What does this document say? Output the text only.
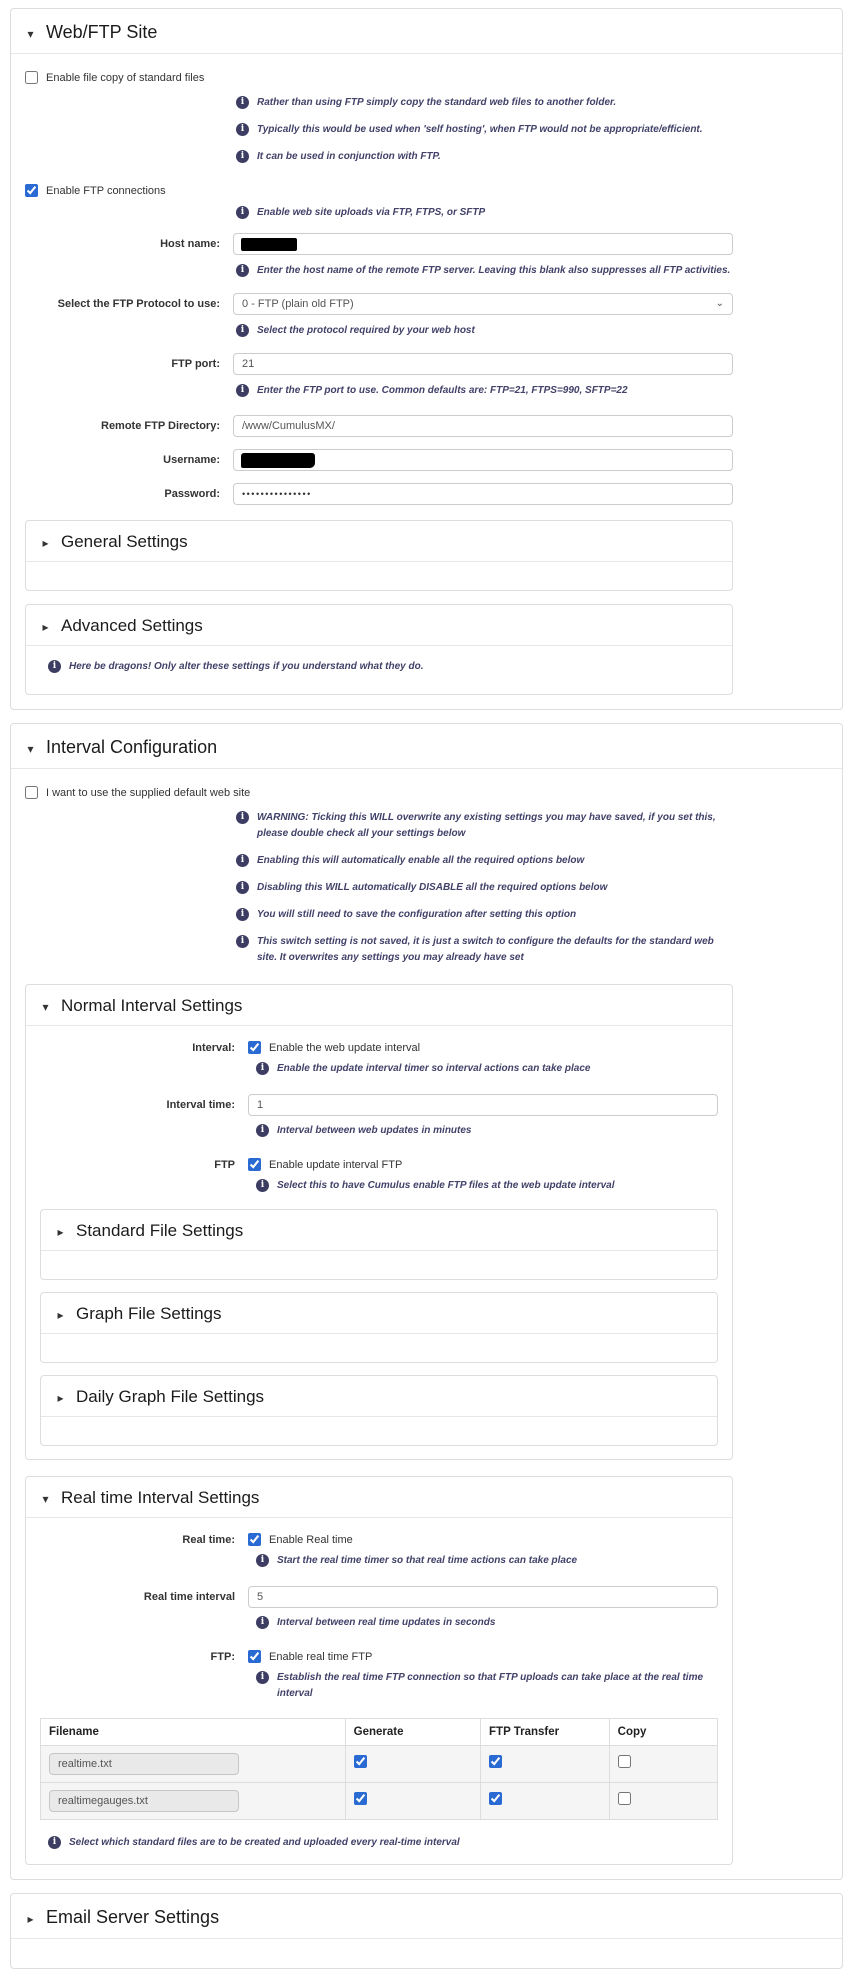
▾
Web/FTP Site
Enable file copy of standard files
i
Rather than using FTP simply copy the standard web files to another folder.
i
Typically this would be used when 'self hosting', when FTP would not be appropriate/efficient.
i
It can be used in conjunction with FTP.
Enable FTP connections
i
Enable web site uploads via FTP, FTPS, or SFTP
Host name:
i
Enter the host name of the remote FTP server. Leaving this blank also suppresses all FTP activities.
Select the FTP Protocol to use: 0 - FTP (plain old FTP)
⌄
i
Select the protocol required by your web host
FTP port:
21
i
Enter the FTP port to use. Common defaults are: FTP=21, FTPS=990, SFTP=22
Remote FTP Directory:
/www/CumulusMX/
Username:
Password:
•••••••••••••••
▸
General Settings
▸
Advanced Settings
i
Here be dragons! Only alter these settings if you understand what they do.
▾
Interval Configuration
I want to use the supplied default web site
i
WARNING: Ticking this WILL overwrite any existing settings you may have saved, if you set this, please double check all your settings below
i
Enabling this will automatically enable all the required options below
i
Disabling this WILL automatically DISABLE all the required options below
i
You will still need to save the configuration after setting this option
i
This switch setting is not saved, it is just a switch to configure the defaults for the standard web site. It overwrites any settings you may already have set
▾
Normal Interval Settings
Interval:	Enable the web update interval
i
Enable the update interval timer so interval actions can take place
Interval time:
1
i
Interval between web updates in minutes
FTP	Enable update interval FTP
i
Select this to have Cumulus enable FTP files at the web update interval
▸
Standard File Settings
▸
Graph File Settings
▸
Daily Graph File Settings
▾
Real time Interval Settings
Real time:	Enable Real time
i
Start the real time timer so that real time actions can take place
Real time interval
5
i
Interval between real time updates in seconds
FTP:	Enable real time FTP
i
Establish the real time FTP connection so that FTP uploads can take place at the real time interval
Filename	Generate	FTP Transfer	Copy
realtime.txt			
realtimegauges.txt			
i
Select which standard files are to be created and uploaded every real-time interval
▸
Email Server Settings
